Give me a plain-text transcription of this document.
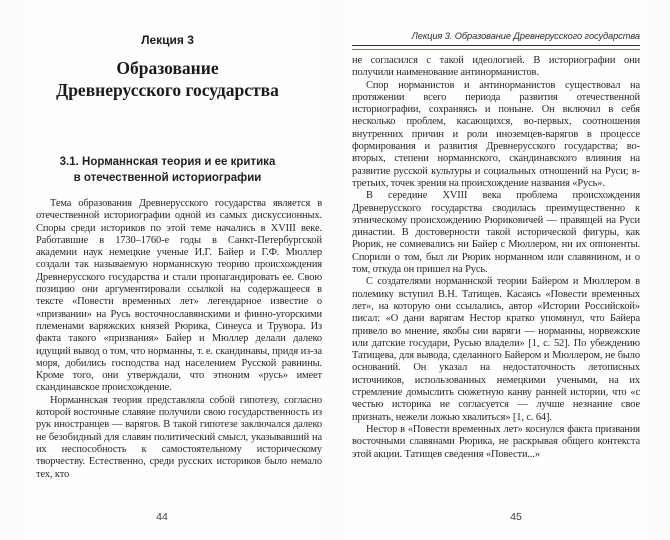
Лекция 3
Образование
Древнерусского государства
3.1. Норманнская теория и ее критика
в отечественной историографии

Тема образования Древнерусского государства является в отечественной историографии одной из самых дискуссионных. Споры среди историков по этой теме начались в XVIII веке. Работавшие в 1730–1760-е годы в Санкт-Петербургской академии наук немецкие ученые И.Г. Байер и Г.Ф. Мюллер создали так называемую норманнскую теорию происхождения Древнерусского государства и стали пропагандировать ее. Свою позицию они аргументировали ссылкой на содержащееся в тексте «Повести временных лет» легендарное известие о «призвании» на Русь восточнославянскими и финно-угорскими племенами варяжских князей Рюрика, Синеуса и Трувора. Из факта такого «призвания» Байер и Мюллер делали далеко идущий вывод о том, что норманны, т. е. скандинавы, придя из-за моря, добились господства над населением Русской равнины. Кроме того, они утверждали, что этноним «русь» имеет скандинавское происхождение.

Норманнская теория представляла собой гипотезу, согласно которой восточные славяне получили свою государственность из рук иностранцев — варягов. В такой гипотезе заключался далеко не безобидный для славян политический смысл, указывавший на их неспособность к самостоятельному историческому творчеству. Естественно, среди русских историков было немало тех, кто

44
Лекция 3. Образование Древнерусского государства

не согласился с такой идеологией. В историографии они получили наименование антинорманистов.

Спор норманистов и антинорманистов существовал на протяжении всего периода развития отечественной историографии, сохраняясь и поныне. Он включил в себя несколько проблем, касающихся, во-первых, соотношения внутренних причин и роли иноземцев-варягов в процессе формирования и развития Древнерусского государства; во-вторых, степени норманнского, скандинавского влияния на развитие русской культуры и социальных отношений на Руси; в-третьих, точек зрения на происхождение названия «Русь».

В середине XVIII века проблема происхождения Древнерусского государства сводилась преимущественно к этническому происхождению Рюриковичей — правящей на Руси династии. В достоверности такой исторической фигуры, как Рюрик, не сомневались ни Байер с Мюллером, ни их оппоненты. Спорили о том, был ли Рюрик норманном или славянином, и о том, откуда он пришел на Русь.

С создателями норманнской теории Байером и Мюллером в полемику вступил В.Н. Татищев. Касаясь «Повести временных лет», на которую они ссылались, автор «Истории Российской» писал: «О дани варягам Нестор кратко упомянул, что Байера привело во мнение, якобы сии варяги — норманны, норвежские или датские государи, Русью владели» [1, с. 52]. По убеждению Татищева, для вывода, сделанного Байером и Мюллером, не было оснований. Он указал на недостаточность летописных источников, использованных немецкими учеными, на их стремление домыслить сюжетную канву ранней истории, что «с честью историка не согласуется — лучше незнание свое признать, нежели ложью хвалиться» [1, с. 64].

Нестор в «Повести временных лет» коснулся факта призвания восточными славянами Рюрика, не раскрывая общего контекста этой акции. Татищев сведения «Повести...»

45
